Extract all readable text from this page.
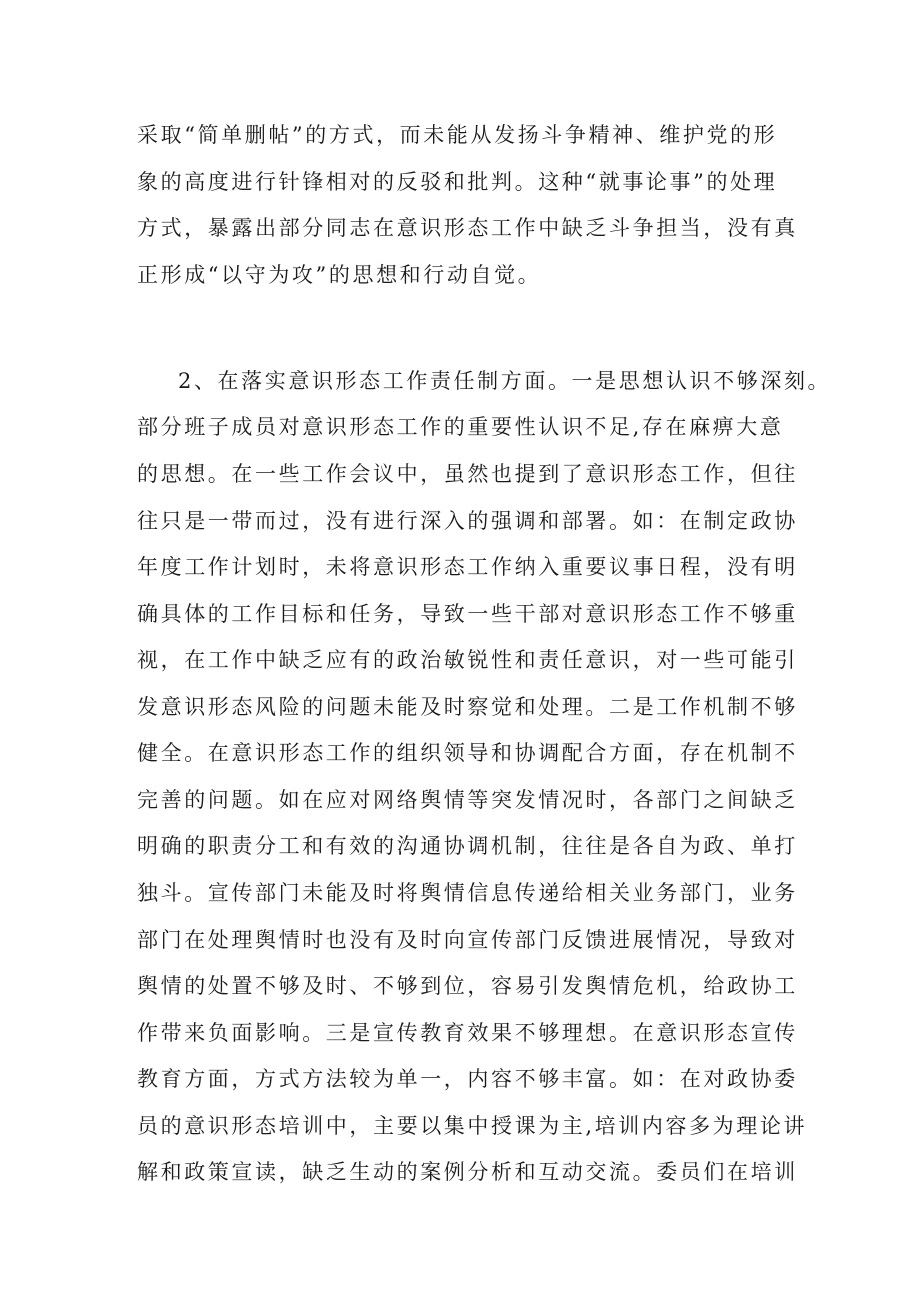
采取“简单删帖”的方式，而未能从发扬斗争精神、维护党的形
象的高度进行针锋相对的反驳和批判。这种“就事论事”的处理
方式，暴露出部分同志在意识形态工作中缺乏斗争担当，没有真
正形成“以守为攻”的思想和行动自觉。
2、在落实意识形态工作责任制方面。一是思想认识不够深刻。
部分班子成员对意识形态工作的重要性认识不足,存在麻痹大意
的思想。在一些工作会议中，虽然也提到了意识形态工作，但往
往只是一带而过，没有进行深入的强调和部署。如：在制定政协
年度工作计划时，未将意识形态工作纳入重要议事日程，没有明
确具体的工作目标和任务，导致一些干部对意识形态工作不够重
视，在工作中缺乏应有的政治敏锐性和责任意识，对一些可能引
发意识形态风险的问题未能及时察觉和处理。二是工作机制不够
健全。在意识形态工作的组织领导和协调配合方面，存在机制不
完善的问题。如在应对网络舆情等突发情况时，各部门之间缺乏
明确的职责分工和有效的沟通协调机制，往往是各自为政、单打
独斗。宣传部门未能及时将舆情信息传递给相关业务部门，业务
部门在处理舆情时也没有及时向宣传部门反馈进展情况，导致对
舆情的处置不够及时、不够到位，容易引发舆情危机，给政协工
作带来负面影响。三是宣传教育效果不够理想。在意识形态宣传
教育方面，方式方法较为单一，内容不够丰富。如：在对政协委
员的意识形态培训中，主要以集中授课为主,培训内容多为理论讲
解和政策宣读，缺乏生动的案例分析和互动交流。委员们在培训
